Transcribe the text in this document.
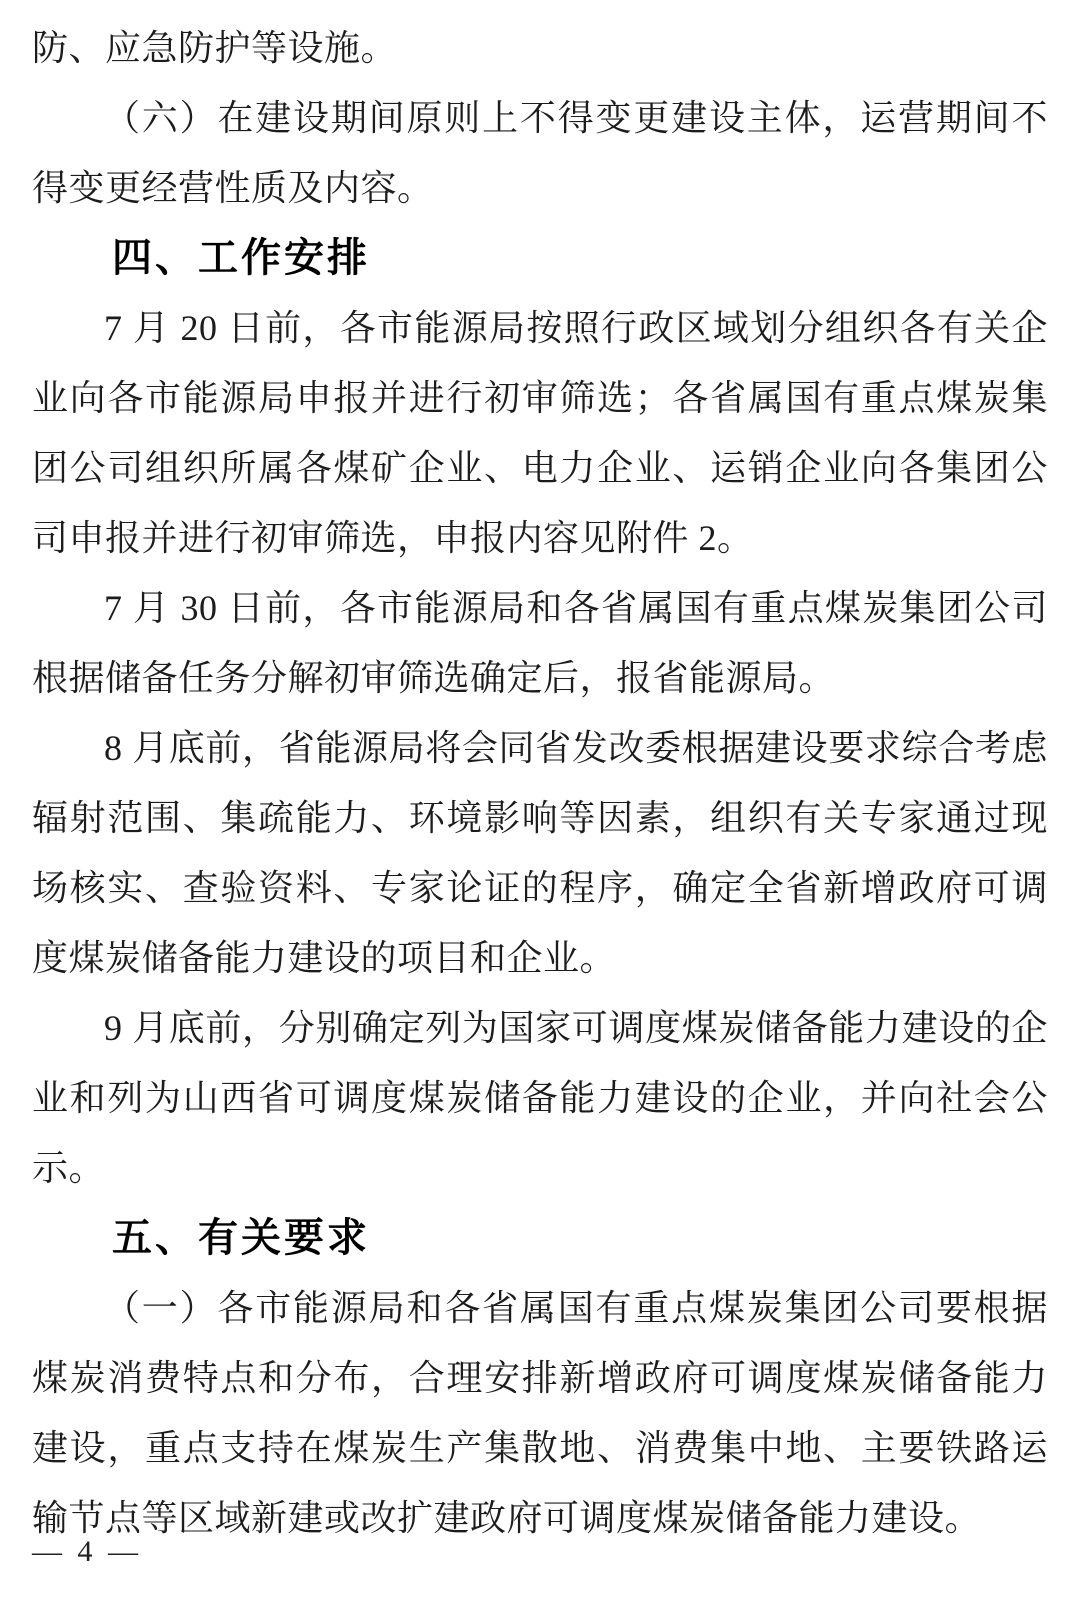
防、应急防护等设施。

（六）在建设期间原则上不得变更建设主体，运营期间不得变更经营性质及内容。

四、工作安排

7 月 20 日前，各市能源局按照行政区域划分组织各有关企业向各市能源局申报并进行初审筛选；各省属国有重点煤炭集团公司组织所属各煤矿企业、电力企业、运销企业向各集团公司申报并进行初审筛选，申报内容见附件 2。

7 月 30 日前，各市能源局和各省属国有重点煤炭集团公司根据储备任务分解初审筛选确定后，报省能源局。

8 月底前，省能源局将会同省发改委根据建设要求综合考虑辐射范围、集疏能力、环境影响等因素，组织有关专家通过现场核实、查验资料、专家论证的程序，确定全省新增政府可调度煤炭储备能力建设的项目和企业。

9 月底前，分别确定列为国家可调度煤炭储备能力建设的企业和列为山西省可调度煤炭储备能力建设的企业，并向社会公示。

五、有关要求

（一）各市能源局和各省属国有重点煤炭集团公司要根据煤炭消费特点和分布，合理安排新增政府可调度煤炭储备能力建设，重点支持在煤炭生产集散地、消费集中地、主要铁路运输节点等区域新建或改扩建政府可调度煤炭储备能力建设。

— 4 —
